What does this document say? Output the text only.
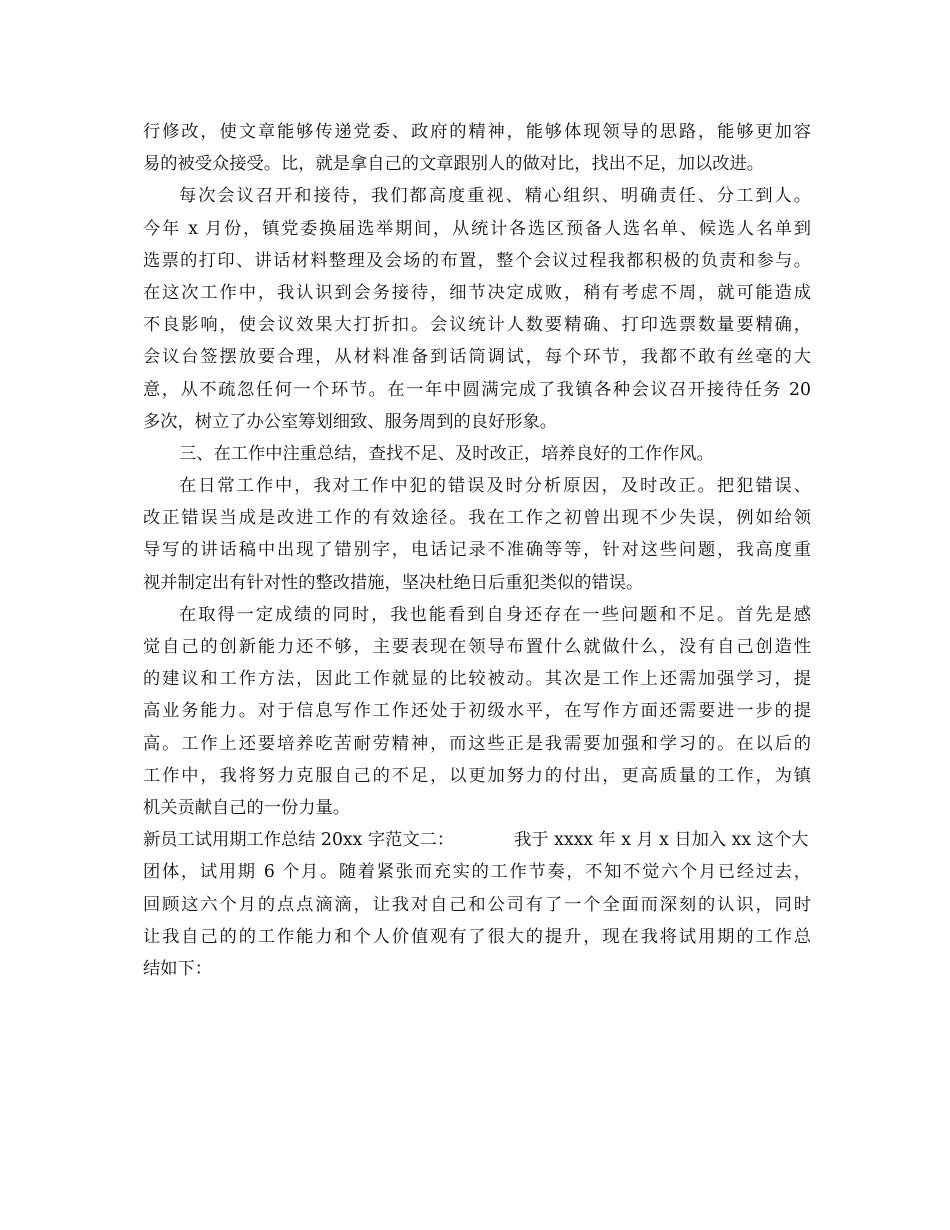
行修改，使文章能够传递党委、政府的精神，能够体现领导的思路，能够更加容
易的被受众接受。比，就是拿自己的文章跟别人的做对比，找出不足，加以改进。
每次会议召开和接待，我们都高度重视、精心组织、明确责任、分工到人。
今年 x 月份，镇党委换届选举期间，从统计各选区预备人选名单、候选人名单到
选票的打印、讲话材料整理及会场的布置，整个会议过程我都积极的负责和参与。
在这次工作中，我认识到会务接待，细节决定成败，稍有考虑不周，就可能造成
不良影响，使会议效果大打折扣。会议统计人数要精确、打印选票数量要精确，
会议台签摆放要合理，从材料准备到话筒调试，每个环节，我都不敢有丝毫的大
意，从不疏忽任何一个环节。在一年中圆满完成了我镇各种会议召开接待任务 20
多次，树立了办公室筹划细致、服务周到的良好形象。
三、在工作中注重总结，查找不足、及时改正，培养良好的工作作风。
在日常工作中，我对工作中犯的错误及时分析原因，及时改正。把犯错误、
改正错误当成是改进工作的有效途径。我在工作之初曾出现不少失误，例如给领
导写的讲话稿中出现了错别字，电话记录不准确等等，针对这些问题，我高度重
视并制定出有针对性的整改措施，坚决杜绝日后重犯类似的错误。
在取得一定成绩的同时，我也能看到自身还存在一些问题和不足。首先是感
觉自己的创新能力还不够，主要表现在领导布置什么就做什么，没有自己创造性
的建议和工作方法，因此工作就显的比较被动。其次是工作上还需加强学习，提
高业务能力。对于信息写作工作还处于初级水平，在写作方面还需要进一步的提
高。工作上还要培养吃苦耐劳精神，而这些正是我需要加强和学习的。在以后的
工作中，我将努力克服自己的不足，以更加努力的付出，更高质量的工作，为镇
机关贡献自己的一份力量。
新员工试用期工作总结 20xx 字范文二：	我于 xxxx 年 x 月 x 日加入 xx 这个大
团体，试用期 6 个月。随着紧张而充实的工作节奏，不知不觉六个月已经过去，
回顾这六个月的点点滴滴，让我对自己和公司有了一个全面而深刻的认识，同时
让我自己的的工作能力和个人价值观有了很大的提升，现在我将试用期的工作总
结如下：
